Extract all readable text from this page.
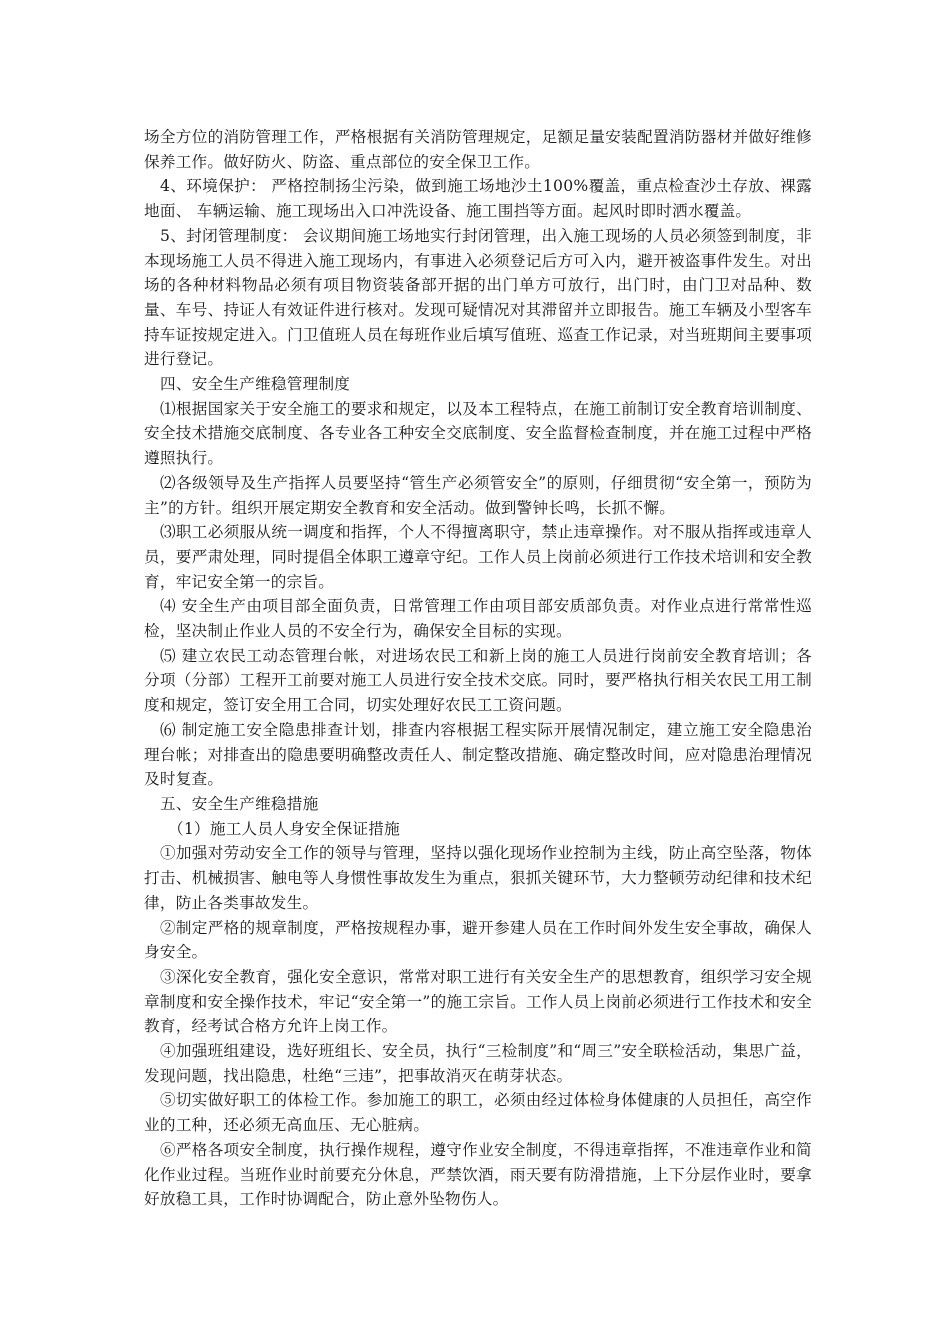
场全方位的消防管理工作，严格根据有关消防管理规定，足额足量安装配置消防器材并做好维修保养工作。做好防火、防盗、重点部位的安全保卫工作。

4、环境保护： 严格控制扬尘污染，做到施工场地沙土100%覆盖，重点检查沙土存放、裸露地面、 车辆运输、施工现场出入口冲洗设备、施工围挡等方面。起风时即时洒水覆盖。

5、封闭管理制度： 会议期间施工场地实行封闭管理，出入施工现场的人员必须签到制度，非本现场施工人员不得进入施工现场内，有事进入必须登记后方可入内，避开被盗事件发生。对出场的各种材料物品必须有项目物资装备部开据的出门单方可放行，出门时，由门卫对品种、数量、车号、持证人有效证件进行核对。发现可疑情况对其滞留并立即报告。施工车辆及小型客车持车证按规定进入。门卫值班人员在每班作业后填写值班、巡查工作记录，对当班期间主要事项进行登记。

四、安全生产维稳管理制度

⑴根据国家关于安全施工的要求和规定，以及本工程特点，在施工前制订安全教育培训制度、安全技术措施交底制度、各专业各工种安全交底制度、安全监督检查制度，并在施工过程中严格遵照执行。

⑵各级领导及生产指挥人员要坚持“管生产必须管安全”的原则，仔细贯彻“安全第一，预防为主”的方针。组织开展定期安全教育和安全活动。做到警钟长鸣，长抓不懈。

⑶职工必须服从统一调度和指挥，个人不得擅离职守，禁止违章操作。对不服从指挥或违章人员，要严肃处理，同时提倡全体职工遵章守纪。工作人员上岗前必须进行工作技术培训和安全教育，牢记安全第一的宗旨。

⑷ 安全生产由项目部全面负责，日常管理工作由项目部安质部负责。对作业点进行常常性巡检，坚决制止作业人员的不安全行为，确保安全目标的实现。

⑸ 建立农民工动态管理台帐，对进场农民工和新上岗的施工人员进行岗前安全教育培训；各分项（分部）工程开工前要对施工人员进行安全技术交底。同时，要严格执行相关农民工用工制度和规定，签订安全用工合同，切实处理好农民工工资问题。

⑹ 制定施工安全隐患排查计划，排查内容根据工程实际开展情况制定，建立施工安全隐患治理台帐；对排查出的隐患要明确整改责任人、制定整改措施、确定整改时间，应对隐患治理情况及时复查。

五、安全生产维稳措施

（1）施工人员人身安全保证措施

①加强对劳动安全工作的领导与管理，坚持以强化现场作业控制为主线，防止高空坠落，物体打击、机械损害、触电等人身惯性事故发生为重点，狠抓关键环节，大力整顿劳动纪律和技术纪律，防止各类事故发生。

②制定严格的规章制度，严格按规程办事，避开参建人员在工作时间外发生安全事故，确保人身安全。

③深化安全教育，强化安全意识，常常对职工进行有关安全生产的思想教育，组织学习安全规章制度和安全操作技术，牢记“安全第一”的施工宗旨。工作人员上岗前必须进行工作技术和安全教育，经考试合格方允许上岗工作。

④加强班组建设，选好班组长、安全员，执行“三检制度”和“周三”安全联检活动，集思广益，发现问题，找出隐患，杜绝“三违”，把事故消灭在萌芽状态。

⑤切实做好职工的体检工作。参加施工的职工，必须由经过体检身体健康的人员担任，高空作业的工种，还必须无高血压、无心脏病。

⑥严格各项安全制度，执行操作规程，遵守作业安全制度，不得违章指挥，不准违章作业和简化作业过程。当班作业时前要充分休息，严禁饮酒，雨天要有防滑措施，上下分层作业时，要拿好放稳工具，工作时协调配合，防止意外坠物伤人。
